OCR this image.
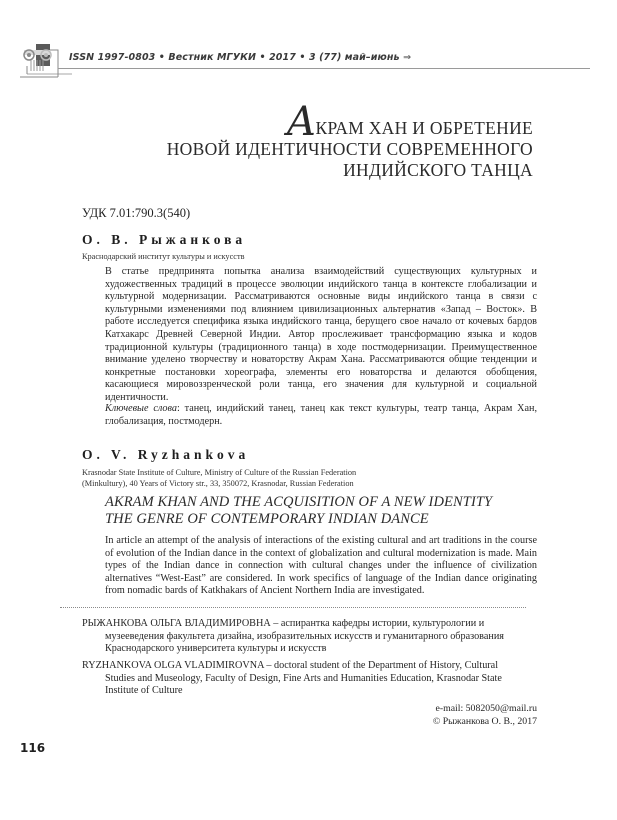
ISSN 1997-0803 • Вестник МГУКИ • 2017 • 3 (77) май–июнь ⇒
АКРАМ ХАН И ОБРЕТЕНИЕ
НОВОЙ ИДЕНТИЧНОСТИ СОВРЕМЕННОГО
ИНДИЙСКОГО ТАНЦА
УДК 7.01:790.3(540)
О. В. Рыжанкова
Краснодарский институт культуры и искусств

В статье предпринята попытка анализа взаимодействий существующих культурных и художественных традиций в процессе эволюции индийского танца в контексте глобализации и культурной модернизации. Рассматриваются основные виды индийского танца в связи с культурными изменениями под влиянием цивилизационных альтернатив «Запад – Восток». В работе исследуется специфика языка индийского танца, берущего свое начало от кочевых бардов Катхакарс Древней Северной Индии. Автор прослеживает трансформацию языка и кодов традиционной культуры (традиционного танца) в ходе постмодернизации. Преимущественное внимание уделено творчеству и новаторству Акрам Хана. Рассматриваются общие тенденции и конкретные постановки хореографа, элементы его новаторства и делаются обобщения, касающиеся мировоззренческой роли танца, его значения для культурной и социальной идентичности.

Ключевые слова: танец, индийский танец, танец как текст культуры, театр танца, Акрам Хан, глобализация, постмодерн.
O. V. Ryzhankova
Krasnodar State Institute of Culture, Ministry of Culture of the Russian Federation
(Minkultury), 40 Years of Victory str., 33, 350072, Krasnodar, Russian Federation
AKRAM KHAN AND THE ACQUISITION OF A NEW IDENTITY
THE GENRE OF CONTEMPORARY INDIAN DANCE
In article an attempt of the analysis of interactions of the existing cultural and art traditions in the course of evolution of the Indian dance in the context of globalization and cultural modernization is made. Main types of the Indian dance in connection with cultural changes under the influence of civilization alternatives “West-East” are considered. In work specifics of language of the Indian dance originating from nomadic bards of Katkhakars of Ancient Northern India are investigated.
РЫЖАНКОВА ОЛЬГА ВЛАДИМИРОВНА – аспирантка кафедры истории, культурологии и
музееведения факультета дизайна, изобразительных искусств и гуманитарного образования
Краснодарского университета культуры и искусств
RYZHANKOVA OLGA VLADIMIROVNA – doctoral student of the Department of History, Cultural
Studies and Museology, Faculty of Design, Fine Arts and Humanities Education, Krasnodar State
Institute of Culture
e-mail: 5082050@mail.ru
© Рыжанкова О. В., 2017
116
